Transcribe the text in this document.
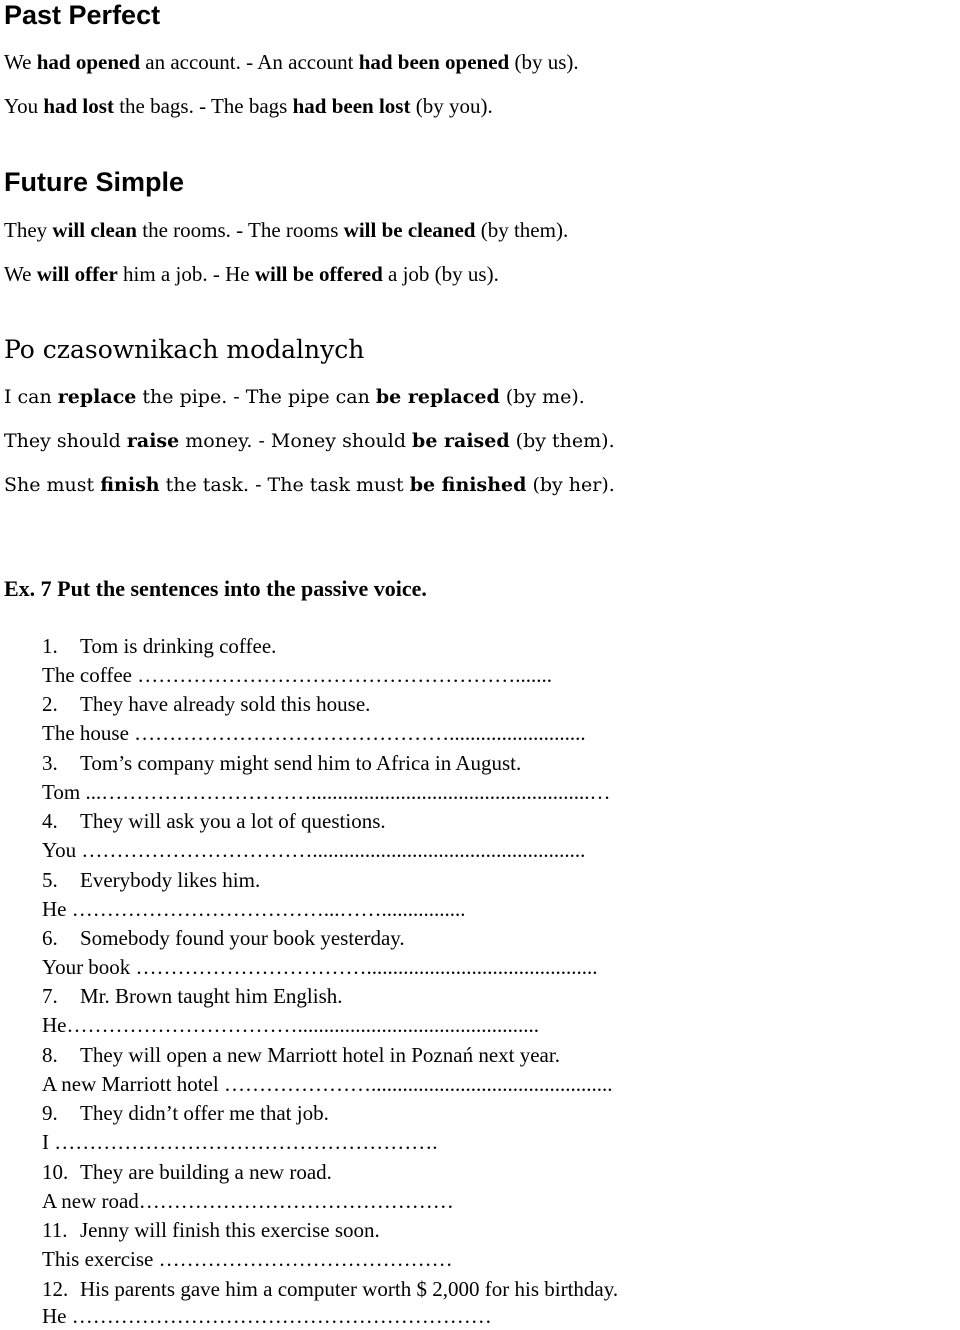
Past Perfect

We had opened an account. - An account had been opened (by us).

You had lost the bags. - The bags had been lost (by you).

Future Simple

They will clean the rooms. - The rooms will be cleaned (by them).

We will offer him a job. - He will be offered a job (by us).

Po czasownikach modalnych

I can replace the pipe. - The pipe can be replaced (by me).

They should raise money. - Money should be raised (by them).

She must finish the task. - The task must be finished (by her).

Ex. 7 Put the sentences into the passive voice.

1. Tom is drinking coffee.

The coffee ……………………………………………….......

2. They have already sold this house.

The house ………………………………………..........................

3. Tom’s company might send him to Africa in August.

Tom ...………………………….....................................................…

4. They will ask you a lot of questions.

You ……………………………....................................................

5. Everybody likes him.

He ………………………………...……................

6. Somebody found your book yesterday.

Your book ……………………………............................................

7. Mr. Brown taught him English.

He……………………………..............................................

8. They will open a new Marriott hotel in Poznań next year.

A new Marriott hotel …………………..............................................

9. They didn’t offer me that job.

I ……………………………………………….

10. They are building a new road.

A new road………………………………………

11. Jenny will finish this exercise soon.

This exercise ……………………………………

12. His parents gave him a computer worth $ 2,000 for his birthday.

He ……………………………………………………
